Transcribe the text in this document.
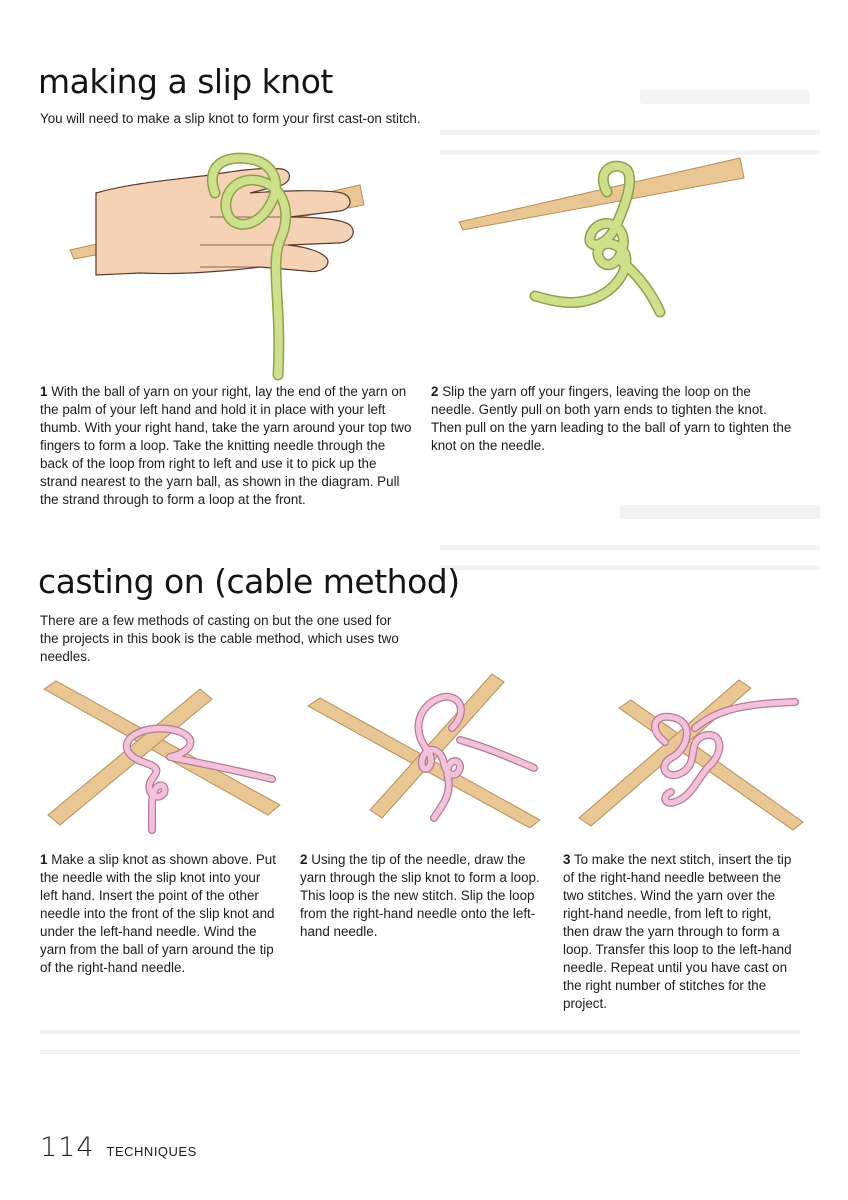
making a slip knot

You will need to make a slip knot to form your first cast-on stitch.

1 With the ball of yarn on your right, lay the end of the yarn on the palm of your left hand and hold it in place with your left thumb. With your right hand, take the yarn around your top two fingers to form a loop. Take the knitting needle through the back of the loop from right to left and use it to pick up the strand nearest to the yarn ball, as shown in the diagram. Pull the strand through to form a loop at the front.

2 Slip the yarn off your fingers, leaving the loop on the needle. Gently pull on both yarn ends to tighten the knot. Then pull on the yarn leading to the ball of yarn to tighten the knot on the needle.

casting on (cable method)

There are a few methods of casting on but the one used for the projects in this book is the cable method, which uses two needles.

1 Make a slip knot as shown above. Put the needle with the slip knot into your left hand. Insert the point of the other needle into the front of the slip knot and under the left-hand needle. Wind the yarn from the ball of yarn around the tip of the right-hand needle.

2 Using the tip of the needle, draw the yarn through the slip knot to form a loop. This loop is the new stitch. Slip the loop from the right-hand needle onto the left-hand needle.

3 To make the next stitch, insert the tip of the right-hand needle between the two stitches. Wind the yarn over the right-hand needle, from left to right, then draw the yarn through to form a loop. Transfer this loop to the left-hand needle. Repeat until you have cast on the right number of stitches for the project.

114 TECHNIQUES
